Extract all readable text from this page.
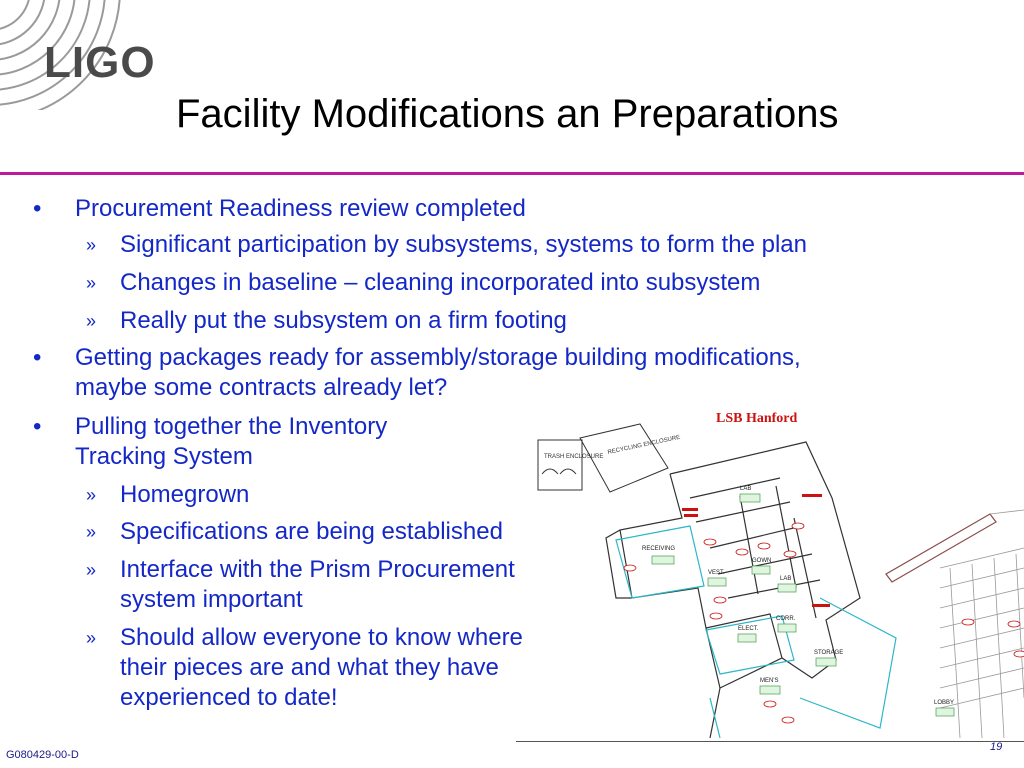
LIGO
Facility Modifications an Preparations
• Procurement Readiness review completed
» Significant participation by subsystems, systems to form the plan
» Changes in baseline – cleaning incorporated into subsystem
» Really put the subsystem on a firm footing
• Getting packages ready for assembly/storage building modifications,
maybe some contracts already let?
• Pulling together the Inventory
Tracking System
» Homegrown
» Specifications are being established
» Interface with the Prism Procurement
system important
» Should allow everyone to know where
their pieces are and what they have
experienced to date!
LSB Hanford
TRASH ENCLOSURE
RECYCLING ENCLOSURE
LAB
RECEIVING
VEST.
GOWN
LAB
CORR.
ELECT.
STORAGE
MEN'S
LOBBY
G080429-00-D
19
